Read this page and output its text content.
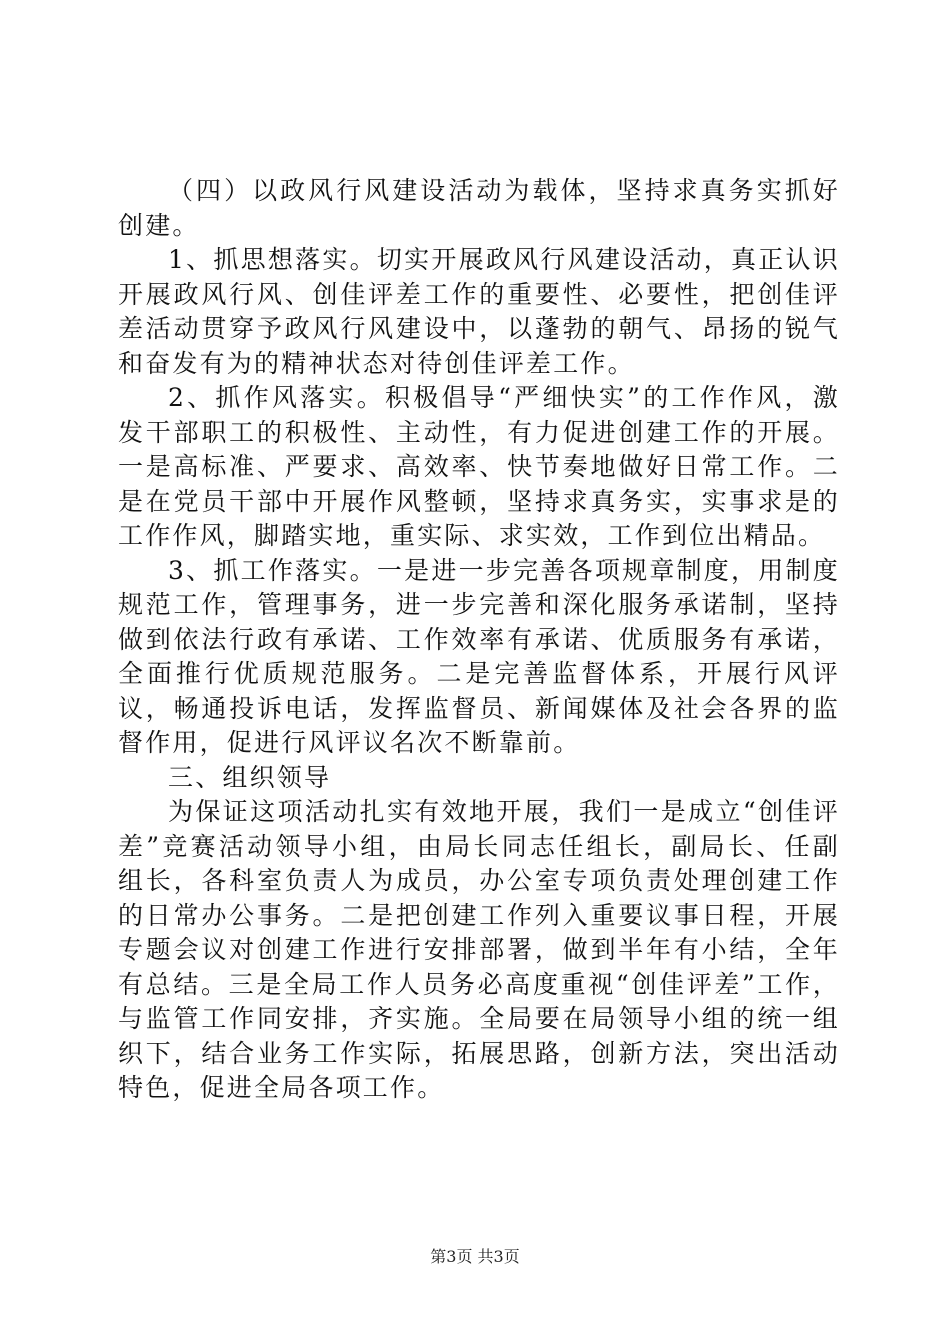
（四）以政风行风建设活动为载体，坚持求真务实抓好创建。

1、抓思想落实。切实开展政风行风建设活动，真正认识开展政风行风、创佳评差工作的重要性、必要性，把创佳评差活动贯穿予政风行风建设中，以蓬勃的朝气、昂扬的锐气和奋发有为的精神状态对待创佳评差工作。

2、抓作风落实。积极倡导“严细快实”的工作作风，激发干部职工的积极性、主动性，有力促进创建工作的开展。一是高标准、严要求、高效率、快节奏地做好日常工作。二是在党员干部中开展作风整顿，坚持求真务实，实事求是的工作作风，脚踏实地，重实际、求实效，工作到位出精品。

3、抓工作落实。一是进一步完善各项规章制度，用制度规范工作，管理事务，进一步完善和深化服务承诺制，坚持做到依法行政有承诺、工作效率有承诺、优质服务有承诺，全面推行优质规范服务。二是完善监督体系，开展行风评议，畅通投诉电话，发挥监督员、新闻媒体及社会各界的监督作用，促进行风评议名次不断靠前。

三、组织领导

为保证这项活动扎实有效地开展，我们一是成立“创佳评差”竞赛活动领导小组，由局长同志任组长，副局长、任副组长，各科室负责人为成员，办公室专项负责处理创建工作的日常办公事务。二是把创建工作列入重要议事日程，开展专题会议对创建工作进行安排部署，做到半年有小结，全年有总结。三是全局工作人员务必高度重视“创佳评差”工作，与监管工作同安排，齐实施。全局要在局领导小组的统一组织下，结合业务工作实际，拓展思路，创新方法，突出活动特色，促进全局各项工作。

第3页 共3页
